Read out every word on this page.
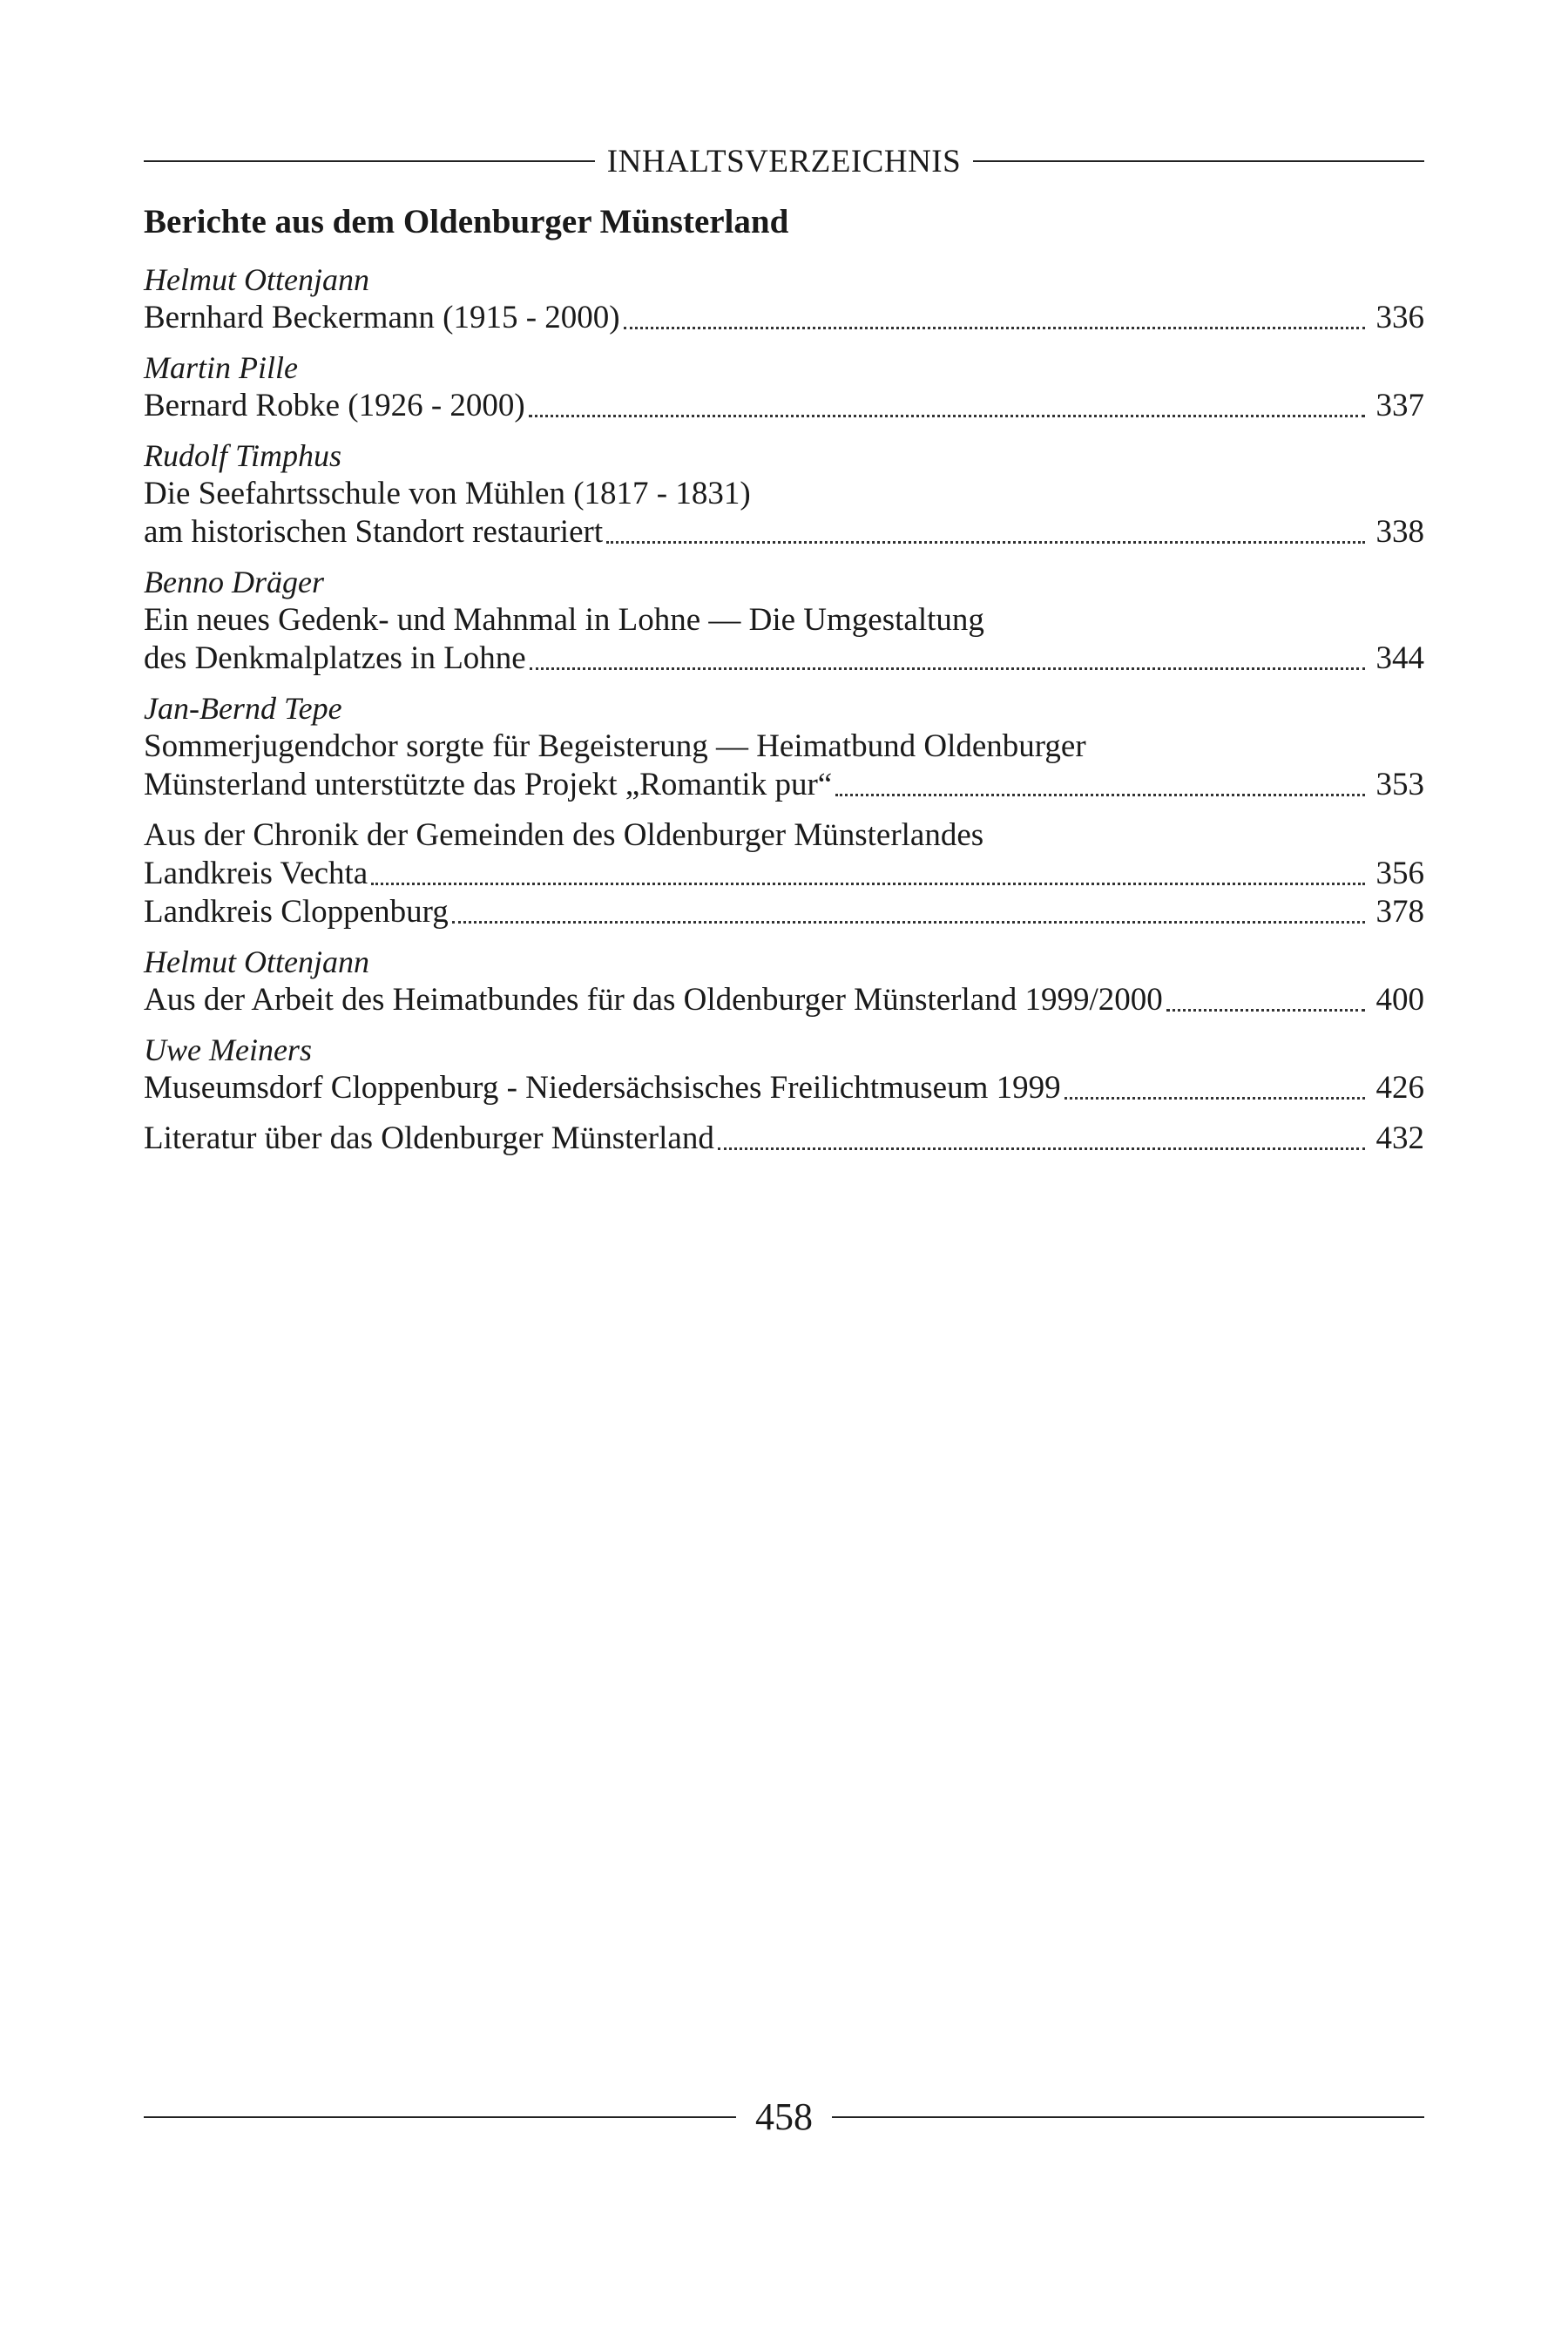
INHALTSVERZEICHNIS
Berichte aus dem Oldenburger Münsterland
Helmut Ottenjann
Bernhard Beckermann (1915 - 2000)	336
Martin Pille
Bernard Robke (1926 - 2000)	337
Rudolf Timphus
Die Seefahrtsschule von Mühlen (1817 - 1831)
am historischen Standort restauriert	338
Benno Dräger
Ein neues Gedenk- und Mahnmal in Lohne — Die Umgestaltung
des Denkmalplatzes in Lohne	344
Jan-Bernd Tepe
Sommerjugendchor sorgte für Begeisterung — Heimatbund Oldenburger
Münsterland unterstützte das Projekt „Romantik pur“	353
Aus der Chronik der Gemeinden des Oldenburger Münsterlandes
Landkreis Vechta	356
Landkreis Cloppenburg	378
Helmut Ottenjann
Aus der Arbeit des Heimatbundes für das Oldenburger Münsterland 1999/2000	400
Uwe Meiners
Museumsdorf Cloppenburg - Niedersächsisches Freilichtmuseum 1999	426
Literatur über das Oldenburger Münsterland	432
458
